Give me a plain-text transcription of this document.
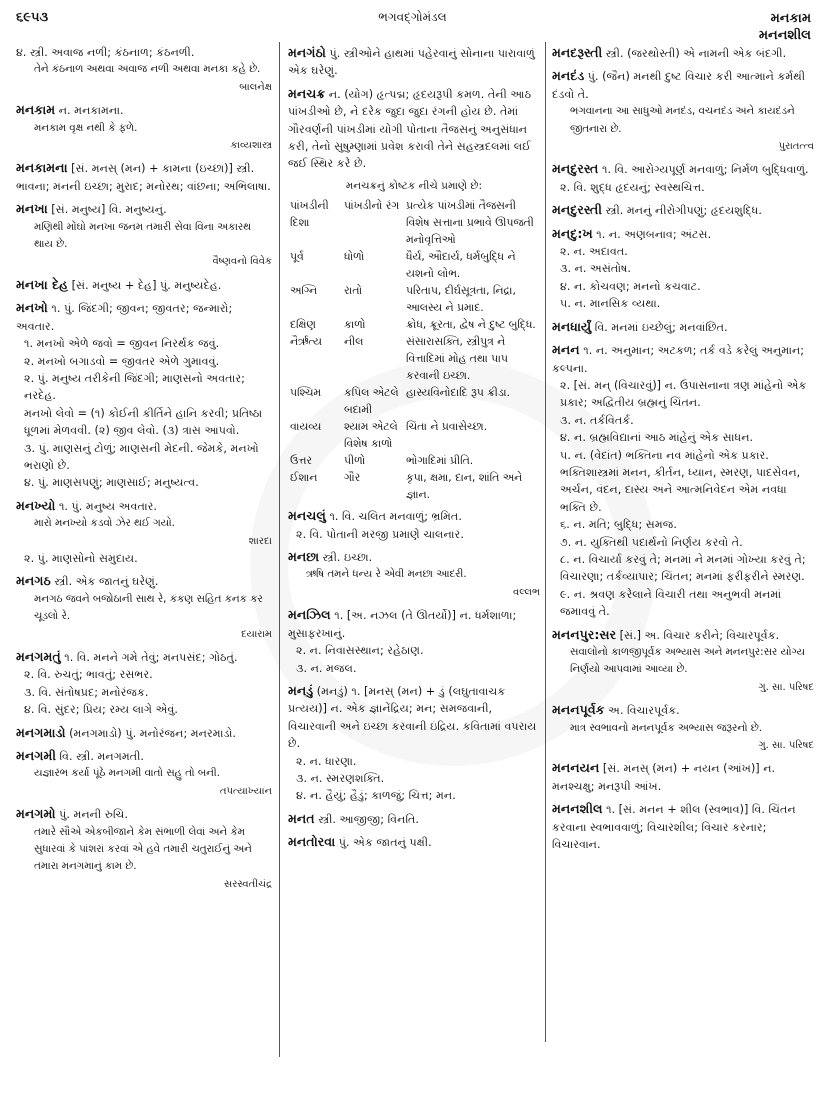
૬૯૫૩	ભગવદ્ગોમંડલ	મનકામ
મનનશીલ
૪. સ્ત્રી. અવાજ નળી; કંઠનાળ; કંઠનળી.
તેને કંઠનાળ અથવા અવાજ નળી અથવા મનકા કહે છે.
બાલનેક્ષ
મનકામ ન. મનકામના.
મનકામ વૃક્ષ નથી કે ફળે.
કાવ્યશાસ્ત્ર
મનકામના [સં. મનસ્ (મન) + કામના (ઇચ્છા)] સ્ત્રી. ભાવના; મનની ઇચ્છા; મુરાદ; મનોરથ; વાંછના; અભિલાષા.
મનખા [સં. મનુષ્ય] વિ. મનુષ્યનું.
મણિથી મોંઘો મનખા જનમ તમારી સેવા વિના અકારથ થાય છે.
વૈષ્ણવનો વિવેક
મનખા દેહ [સં. મનુષ્ય + દેહ] પું. મનુષ્યદેહ.
મનખો ૧. પું. જિંદગી; જીવન; જીવતર; જન્મારો; અવતાર.
૧. મનખો એળે જવો = જીવન નિરર્થક જવું.
૨. મનખો બગાડવો = જીવતર એળે ગુમાવવું.
૨. પું. મનુષ્ય તરીકેની જિંદગી; માણસનો અવતાર; નરદેહ.
મનખો લેવો = (૧) કોઈની કીર્તિને હાનિ કરવી; પ્રતિષ્ઠા ધૂળમાં મેળવવી. (૨) જીવ લેવો. (૩) ત્રાસ આપવો.
૩. પું. માણસનું ટોળું; માણસની મેદની. જેમકે, મનખો ભરાણો છે.
૪. પું. માણસપણું; માણસાઈ; મનુષ્યત્વ.
મનખ્યો ૧. પું. મનુષ્ય અવતાર.
મારો મનખ્યો કડવો ઝેર થઈ ગયો.
શારદા
૨. પું. માણસોનો સમુદાય.
મનગઠ સ્ત્રી. એક જાતનું ઘરેણું.
મનગઠ જવને બજોઠાની સાથ રે, કંકણ સહિત કનક કર ચૂડલો રે.
દયારામ
મનગમતું ૧. વિ. મનને ગમે તેવું; મનપસંદ; ગોઠતું.
૨. વિ. રુચતું; ભાવતું; રસભર.
૩. વિ. સંતોષપ્રદ; મનોરંજક.
૪. વિ. સુંદર; પ્રિય; રમ્ય લાગે એવું.
મનગમાડો (મનગમાડો) પું. મનોરંજન; મનરમાડો.
મનગમી વિ. સ્ત્રી. મનગમતી.
યજ્ઞારંભ કર્યા પૂંઠે મનગમી વાતો સહુ તો બની.
તપત્યાખ્યાન
મનગમો પું. મનની રુચિ.
તમારે સૌએ એકબીજાને કેમ સંભાળી લેવાં અને કેમ સુધારવાં કે પાંશરાં કરવાં એ હવે તમારી ચતુરાઈનું અને તમારા મનગમાનું કામ છે.
સરસ્વતીચંદ્ર
મનગંઠો પું. સ્ત્રીઓને હાથમાં પહેરવાનું સોનાના પારાવાળું એક ઘરેણું.
મનચક્ર ન. (યોગ) હૃત્પદ્મ; હૃદયરૂપી કમળ. તેની આઠ પાંખડીઓ છે, ને દરેક જુદા જુદા રંગની હોય છે. તેમાં ગૌરવર્ણની પાંખડીમાં યોગી પોતાના તૈજસનું અનુસંધાન કરી, તેનો સુષુમ્ણામાં પ્રવેશ કરાવી તેને સહસ્ત્રદલમાં લઈ જઈ સ્થિર કરે છે.
મનચક્રનું કોષ્ટક નીચે પ્રમાણે છે:
પાંખડીની દિશા	પાંખડીનો રંગ	પ્રત્યેક પાંખડીમાં તૈજસની વિશેષ સત્તાના પ્રભાવે ઊપજતી મનોવૃત્તિઓ
પૂર્વ	ધોળો	ધૈર્ય, ઔદાર્ય, ધર્મબુદ્ધિ ને યશનો લોભ.
અગ્નિ	રાતો	પરિતાપ, દીર્ઘસૂત્રતા, નિદ્રા, આલસ્ય ને પ્રમાદ.
દક્ષિણ	કાળો	ક્રોધ, ક્રૂરતા, દ્વેષ ને દુષ્ટ બુદ્ધિ.
નૈર્ઋત્ય	નીલ	સંસારાસક્તિ, સ્ત્રીપુત્ર ને વિત્તાદિમાં મોહ તથા પાપ કરવાની ઇચ્છા.
પશ્ચિમ	કપિલ એટલે બદામી	હાસ્યવિનોદાદિ રૂપ ક્રીડા.
વાયવ્ય	શ્યામ એટલે વિશેષ કાળો	ચિંતા ને પ્રવાસેચ્છા.
ઉત્તર	પીળો	ભોગાદિમાં પ્રીતિ.
ઈશાન	ગૌર	કૃપા, ક્ષમા, દાન, શાંતિ અને જ્ઞાન.
મનચલું ૧. વિ. ચલિત મનવાળું; ભ્રમિત.
૨. વિ. પોતાની મરજી પ્રમાણે ચાલનાર.
મનછા સ્ત્રી. ઇચ્છા.
ઋષિ તમને ધન્ય રે એવી મનછા આદરી.
વલ્લભ
મનઝિલ ૧. [અ. નઝલ (તે ઊતર્યો)] ન. ધર્મશાળા; મુસાફરખાનું.
૨. ન. નિવાસસ્થાન; રહેઠાણ.
૩. ન. મજલ.
મનડું (મનડું) ૧. [મનસ્ (મન) + ડું (લઘુતાવાચક પ્રત્યય)] ન. એક જ્ઞાનેંદ્રિય; મન; સમજવાની, વિચારવાની અને ઇચ્છા કરવાની ઇંદ્રિય. કવિતામાં વપરાય છે.
૨. ન. ધારણા.
૩. ન. સ્મરણશક્તિ.
૪. ન. હૈયું; હૈડું; કાળજું; ચિત્ત; મન.
મનત સ્ત્રી. આજીજી; વિનતિ.
મનતોરવા પું. એક જાતનું પક્ષી.
મનદરૂસ્તી સ્ત્રી. (જરથોસ્તી) એ નામની એક બંદગી.
મનદંડ પું. (જૈન) મનથી દુષ્ટ વિચાર કરી આત્માને કર્મથી દંડવો તે.
ભગવાનના આ સાધુઓ મનદંડ, વચનદંડ અને કાયદંડને જીતનારા છે.
પુરાતત્ત્વ
મનદુરસ્ત ૧. વિ. આરોગ્યપૂર્ણ મનવાળું; નિર્મળ બુદ્ધિવાળું.
૨. વિ. શુદ્ધ હૃદયનું; સ્વસ્થચિત્ત.
મનદુરસ્તી સ્ત્રી. મનનું નીરોગીપણું; હૃદયશુદ્ધિ.
મનદુ:ખ ૧. ન. અણબનાવ; અંટસ.
૨. ન. અદાવત.
૩. ન. અસંતોષ.
૪. ન. કોચવણ; મનનો કચવાટ.
૫. ન. માનસિક વ્યથા.
મનધાર્યું વિ. મનમાં ઇચ્છેલું; મનવાંછિત.
મનન ૧. ન. અનુમાન; અટકળ; તર્ક વડે કરેલું અનુમાન; કલ્પના.
૨. [સં. મન્ (વિચારવું)] ન. ઉપાસનાના ત્રણ માંહેનો એક પ્રકાર; અદ્વિતીય બ્રહ્મનું ચિંતન.
૩. ન. તર્કવિતર્ક.
૪. ન. બ્રહ્મવિદ્યાનાં આઠ માંહેનું એક સાધન.
૫. ન. (વેદાંત) ભક્તિના નવ માંહેનો એક પ્રકાર. ભક્તિશાસ્ત્રમાં મનન, કીર્તન, ધ્યાન, સ્મરણ, પાદસેવન, અર્ચન, વંદન, દાસ્ય અને આત્મનિવેદન એમ નવધા ભક્તિ છે.
૬. ન. મતિ; બુદ્ધિ; સમજ.
૭. ન. યુક્તિથી પદાર્થનો નિર્ણય કરવો તે.
૮. ન. વિચાર્યા કરવું તે; મનમાં ને મનમાં ગોખ્યા કરવું તે; વિચારણા; તર્કવ્યાપાર; ચિંતન; મનમાં ફરીફરીને સ્મરણ.
૯. ન. શ્રવણ કરેલાને વિચારી તથા અનુભવી મનમાં જમાવવું તે.
મનનપુર:સર [સં.] અ. વિચાર કરીને; વિચારપૂર્વક.
સવાલોનો કાળજીપૂર્વક અભ્યાસ અને મનનપુર:સર યોગ્ય નિર્ણયો આપવામાં આવ્યા છે.
ગુ. સા. પરિષદ
મનનપૂર્વક અ. વિચારપૂર્વક.
માત્ર સ્વભાવનો મનનપૂર્વક અભ્યાસ જરૂરનો છે.
ગુ. સા. પરિષદ
મનનયન [સં. મનસ્ (મન) + નયન (આંખ)] ન. મનશ્ચક્ષુ; મનરૂપી આંખ.
મનનશીલ ૧. [સં. મનન + શીલ (સ્વભાવ)] વિ. ચિંતન કરવાના સ્વભાવવાળું; વિચારશીલ; વિચાર કરનાર; વિચારવાન.
